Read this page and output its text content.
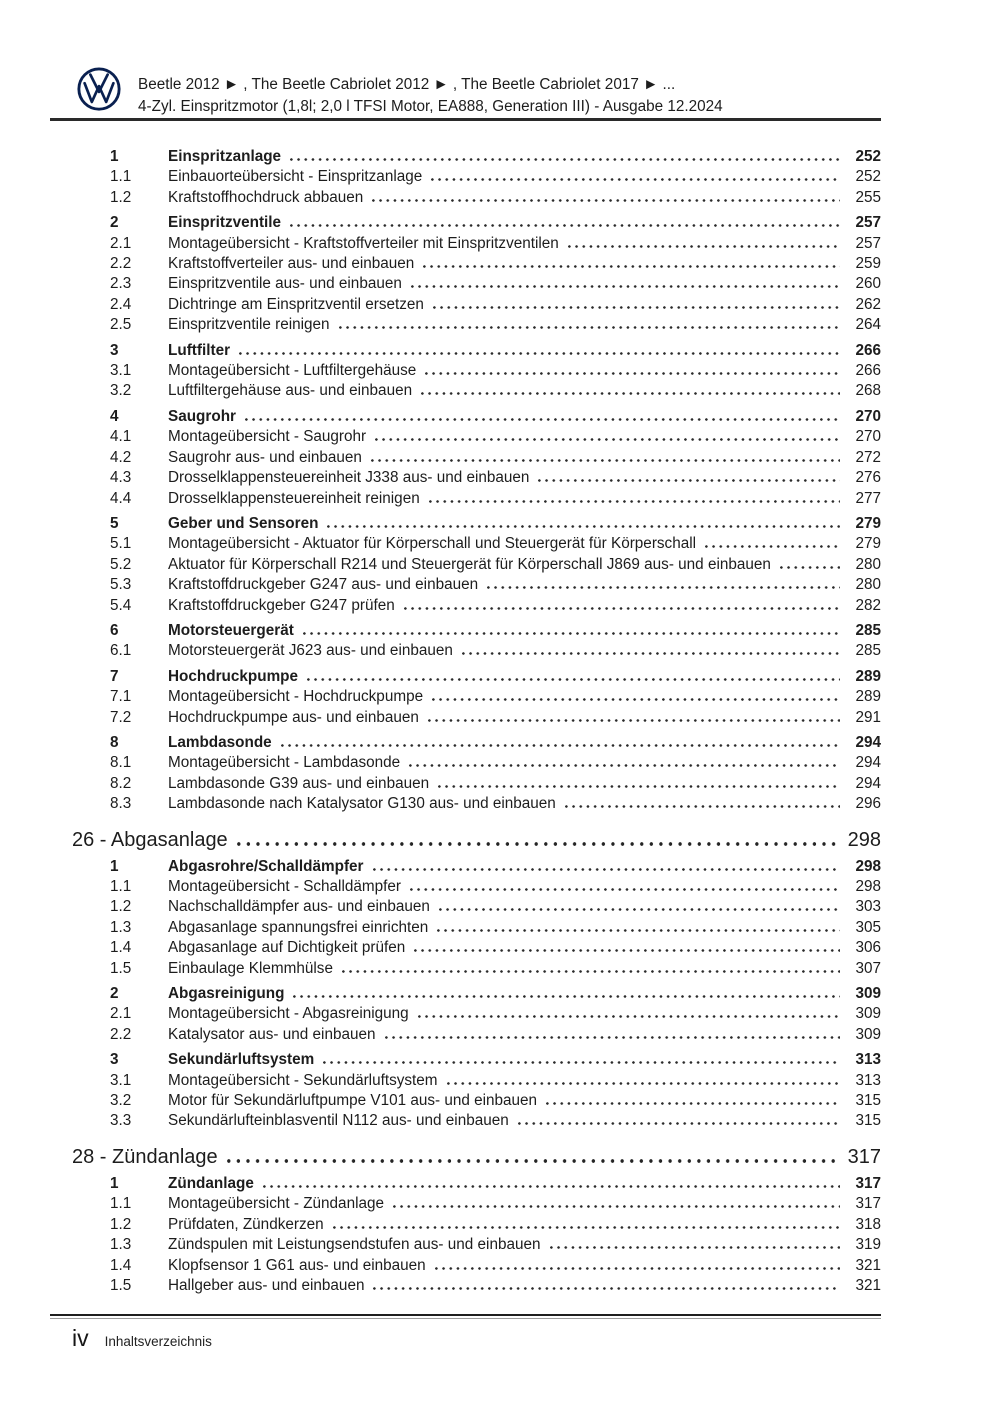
Beetle 2012 ► , The Beetle Cabriolet 2012 ► , The Beetle Cabriolet 2017 ► ...
4-Zyl. Einspritzmotor (1,8l; 2,0 l TFSI Motor, EA888, Generation III) - Ausgabe 12.2024
1	Einspritzanlage	252
1.1	Einbauorteübersicht - Einspritzanlage	252
1.2	Kraftstoffhochdruck abbauen	255
2	Einspritzventile	257
2.1	Montageübersicht - Kraftstoffverteiler mit Einspritzventilen	257
2.2	Kraftstoffverteiler aus- und einbauen	259
2.3	Einspritzventile aus- und einbauen	260
2.4	Dichtringe am Einspritzventil ersetzen	262
2.5	Einspritzventile reinigen	264
3	Luftfilter	266
3.1	Montageübersicht - Luftfiltergehäuse	266
3.2	Luftfiltergehäuse aus- und einbauen	268
4	Saugrohr	270
4.1	Montageübersicht - Saugrohr	270
4.2	Saugrohr aus- und einbauen	272
4.3	Drosselklappensteuereinheit J338 aus- und einbauen	276
4.4	Drosselklappensteuereinheit reinigen	277
5	Geber und Sensoren	279
5.1	Montageübersicht - Aktuator für Körperschall und Steuergerät für Körperschall	279
5.2	Aktuator für Körperschall R214 und Steuergerät für Körperschall J869 aus- und einbauen	280
5.3	Kraftstoffdruckgeber G247 aus- und einbauen	280
5.4	Kraftstoffdruckgeber G247 prüfen	282
6	Motorsteuergerät	285
6.1	Motorsteuergerät J623 aus- und einbauen	285
7	Hochdruckpumpe	289
7.1	Montageübersicht - Hochdruckpumpe	289
7.2	Hochdruckpumpe aus- und einbauen	291
8	Lambdasonde	294
8.1	Montageübersicht - Lambdasonde	294
8.2	Lambdasonde G39 aus- und einbauen	294
8.3	Lambdasonde nach Katalysator G130 aus- und einbauen	296
26 - Abgasanlage	298
1	Abgasrohre/Schalldämpfer	298
1.1	Montageübersicht - Schalldämpfer	298
1.2	Nachschalldämpfer aus- und einbauen	303
1.3	Abgasanlage spannungsfrei einrichten	305
1.4	Abgasanlage auf Dichtigkeit prüfen	306
1.5	Einbaulage Klemmhülse	307
2	Abgasreinigung	309
2.1	Montageübersicht - Abgasreinigung	309
2.2	Katalysator aus- und einbauen	309
3	Sekundärluftsystem	313
3.1	Montageübersicht - Sekundärluftsystem	313
3.2	Motor für Sekundärluftpumpe V101 aus- und einbauen	315
3.3	Sekundärlufteinblasventil N112 aus- und einbauen	315
28 - Zündanlage	317
1	Zündanlage	317
1.1	Montageübersicht - Zündanlage	317
1.2	Prüfdaten, Zündkerzen	318
1.3	Zündspulen mit Leistungsendstufen aus- und einbauen	319
1.4	Klopfsensor 1 G61 aus- und einbauen	321
1.5	Hallgeber aus- und einbauen	321
iv Inhaltsverzeichnis
